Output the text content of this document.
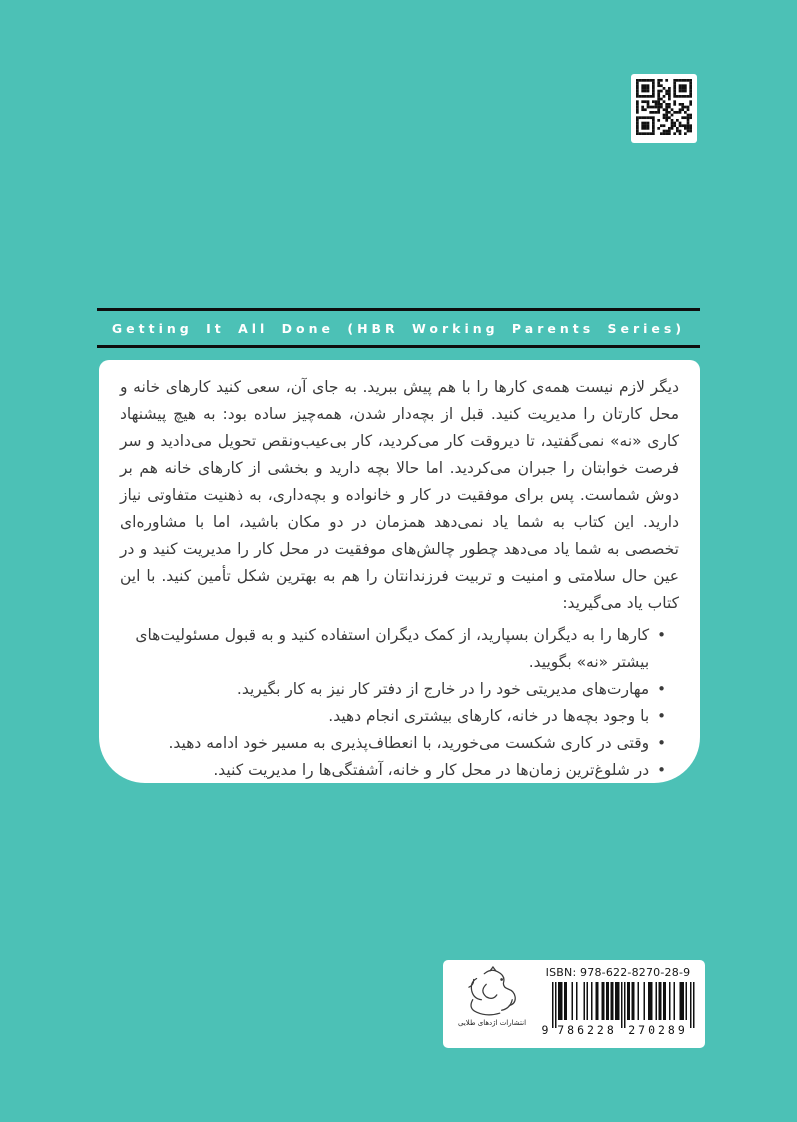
Getting It All Done (HBR Working Parents Series)

دیگر لازم نیست همه‌ی کارها را با هم پیش ببرید. به جای آن، سعی کنید کارهای خانه و محل کارتان را مدیریت کنید. قبل از بچه‌دار شدن، همه‌چیز ساده بود: به هیچ پیشنهاد کاری «نه» نمی‌گفتید، تا دیروقت کار می‌کردید، کار بی‌عیب‌ونقص تحویل می‌دادید و سر فرصت خوابتان را جبران می‌کردید. اما حالا بچه دارید و بخشی از کارهای خانه هم بر دوش شماست. پس برای موفقیت در کار و خانواده و بچه‌داری، به ذهنیت متفاوتی نیاز دارید. این کتاب به شما یاد نمی‌دهد همزمان در دو مکان باشید، اما با مشاوره‌ای تخصصی به شما یاد می‌دهد چطور چالش‌های موفقیت در محل کار را مدیریت کنید و در عین حال سلامتی و امنیت و تربیت فرزندانتان را هم به بهترین شکل تأمین کنید. با این کتاب یاد می‌گیرید:

•
کارها را به دیگران بسپارید، از کمک دیگران استفاده کنید و به قبول مسئولیت‌های بیشتر «نه» بگویید.
•
مهارت‌های مدیریتی خود را در خارج از دفتر کار نیز به کار بگیرید.
•
با وجود بچه‌ها در خانه، کارهای بیشتری انجام دهید.
•
وقتی در کاری شکست می‌خورید، با انعطاف‌پذیری به مسیر خود ادامه دهید.
•
در شلوغ‌ترین زمان‌ها در محل کار و خانه، آشفتگی‌ها را مدیریت کنید.
انتشارات اژدهای طلایی
ISBN: 978-622-8270-28-9
9 786228 270289
